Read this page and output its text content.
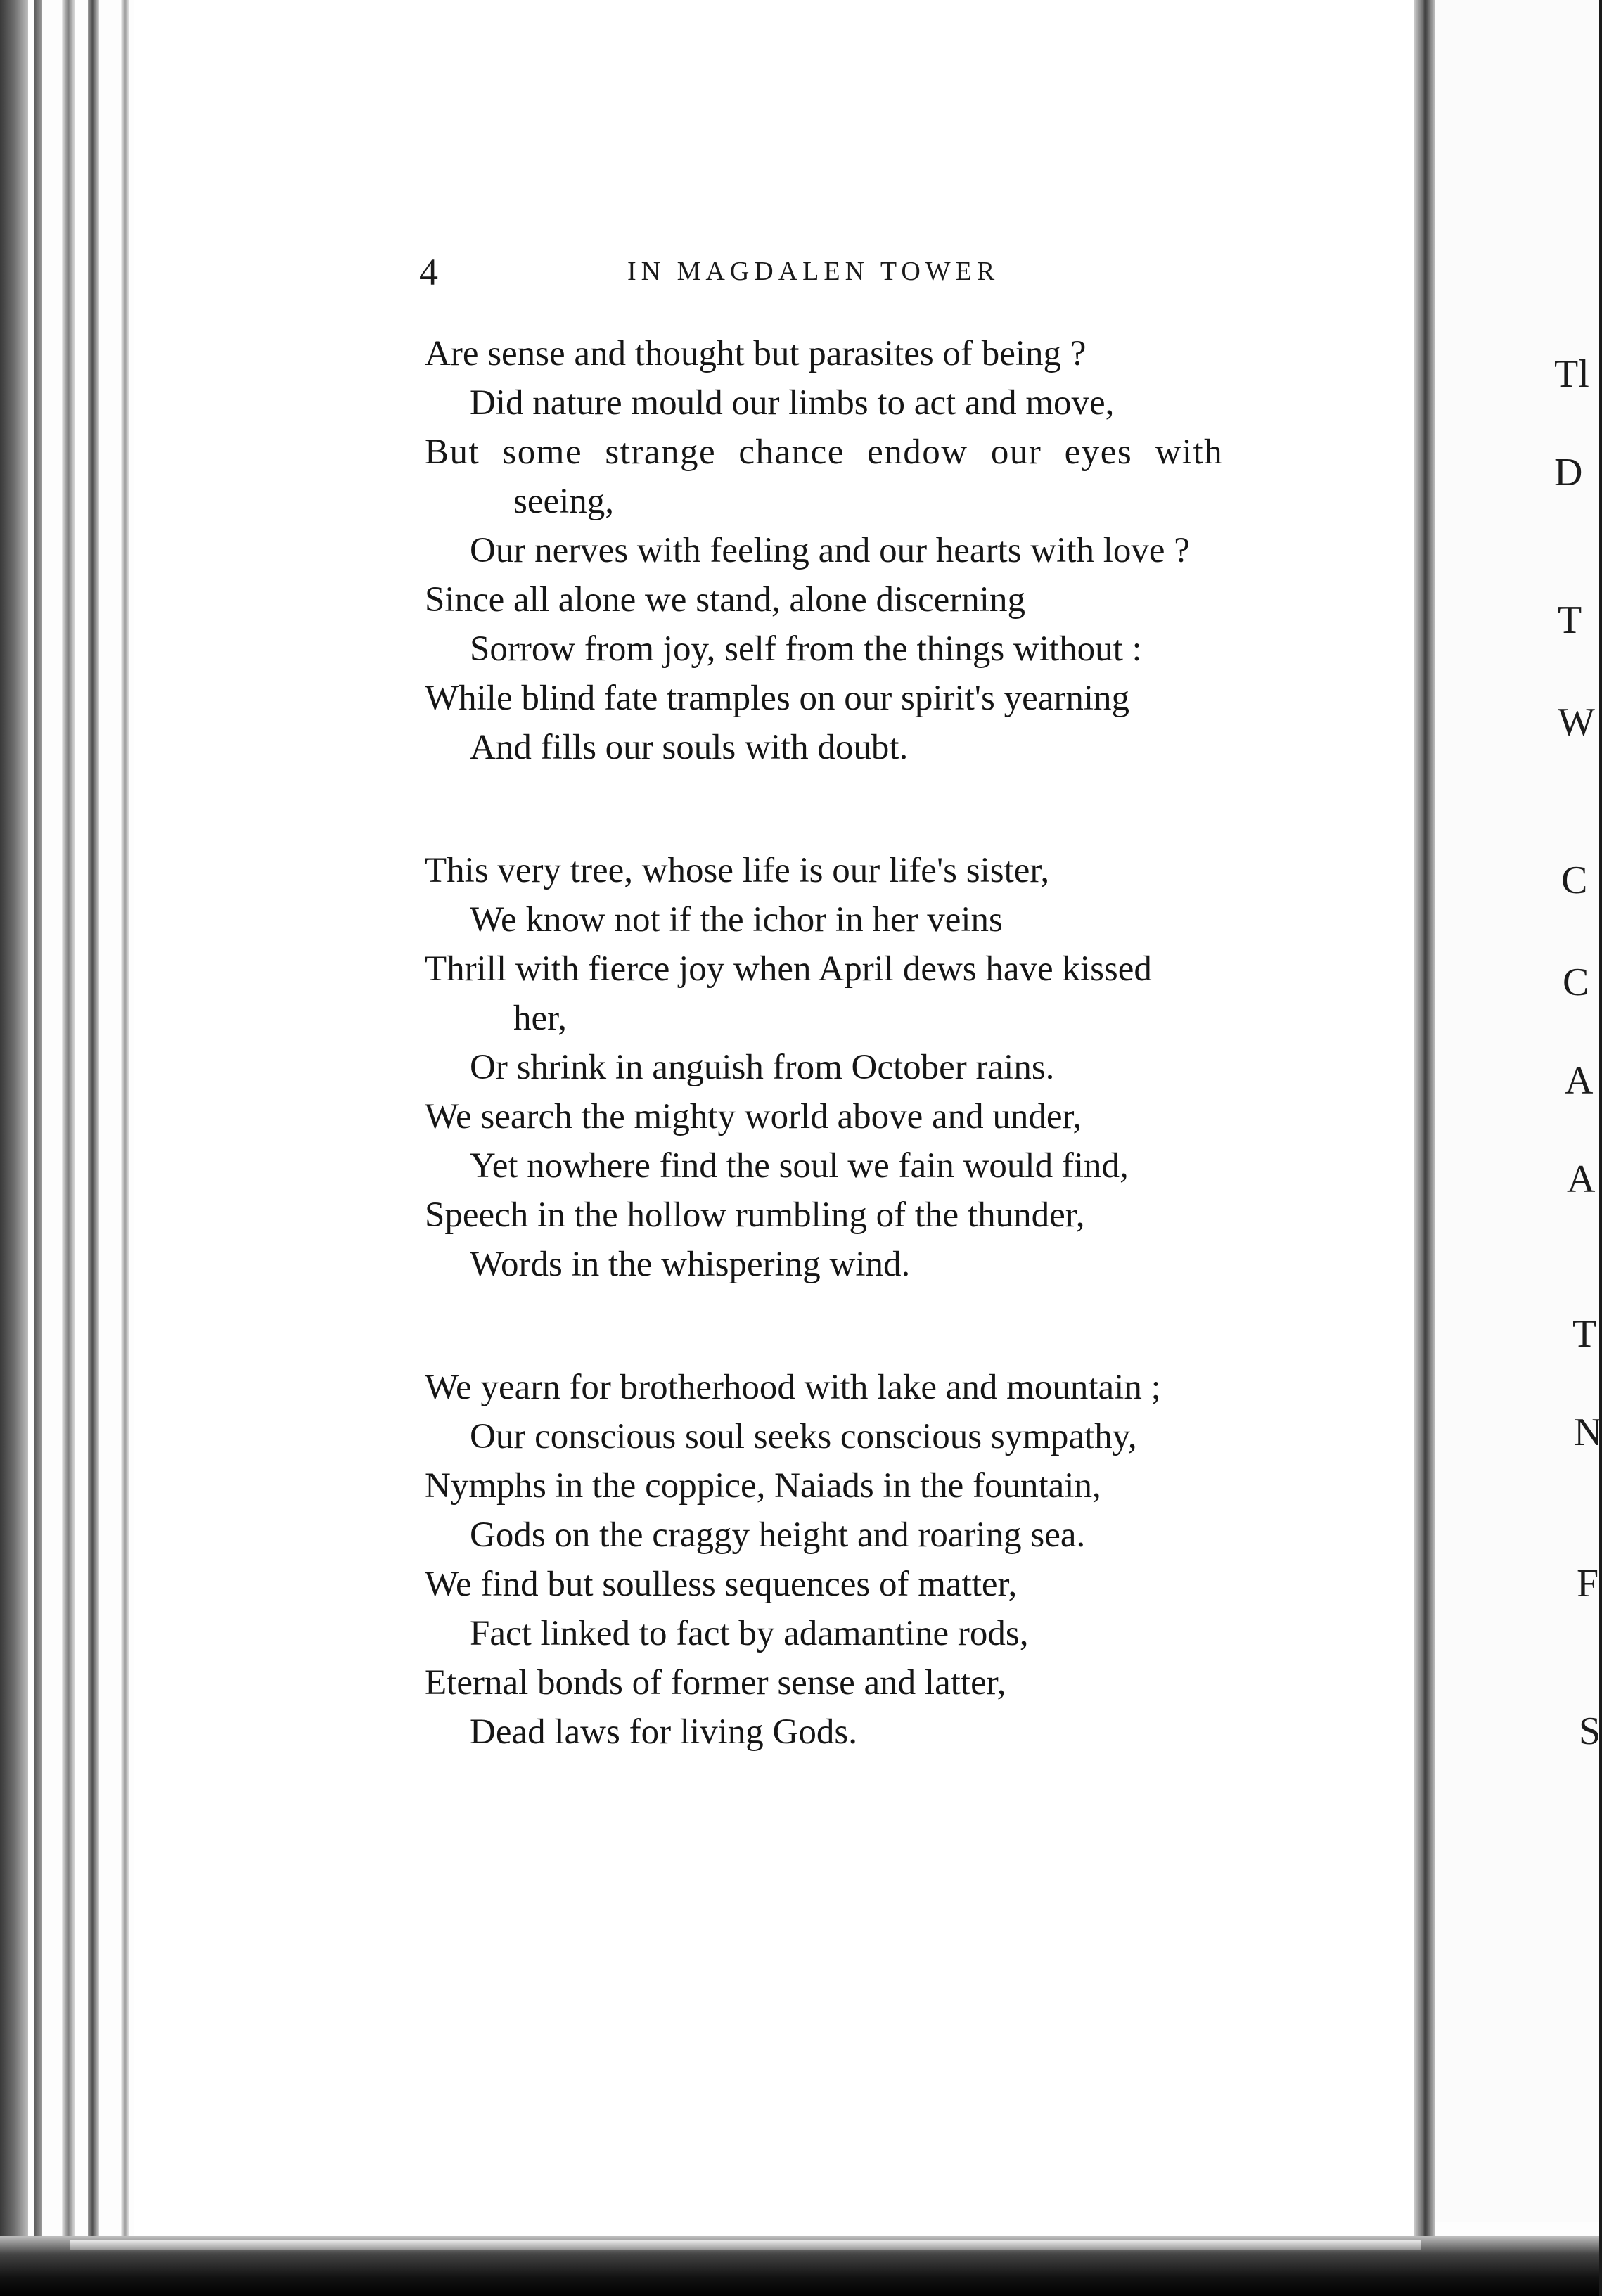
4	IN MAGDALEN TOWER
Are sense and thought but parasites of being ?
Did nature mould our limbs to act and move,
But some strange chance endow our eyes with
seeing,
Our nerves with feeling and our hearts with love ?
Since all alone we stand, alone discerning
Sorrow from joy, self from the things without :
While blind fate tramples on our spirit's yearning
And fills our souls with doubt.
This very tree, whose life is our life's sister,
We know not if the ichor in her veins
Thrill with fierce joy when April dews have kissed
her,
Or shrink in anguish from October rains.
We search the mighty world above and under,
Yet nowhere find the soul we fain would find,
Speech in the hollow rumbling of the thunder,
Words in the whispering wind.
We yearn for brotherhood with lake and mountain ;
Our conscious soul seeks conscious sympathy,
Nymphs in the coppice, Naiads in the fountain,
Gods on the craggy height and roaring sea.
We find but soulless sequences of matter,
Fact linked to fact by adamantine rods,
Eternal bonds of former sense and latter,
Dead laws for living Gods.
Tl
D
T
W
C
C
A
A
T
N
F
S
